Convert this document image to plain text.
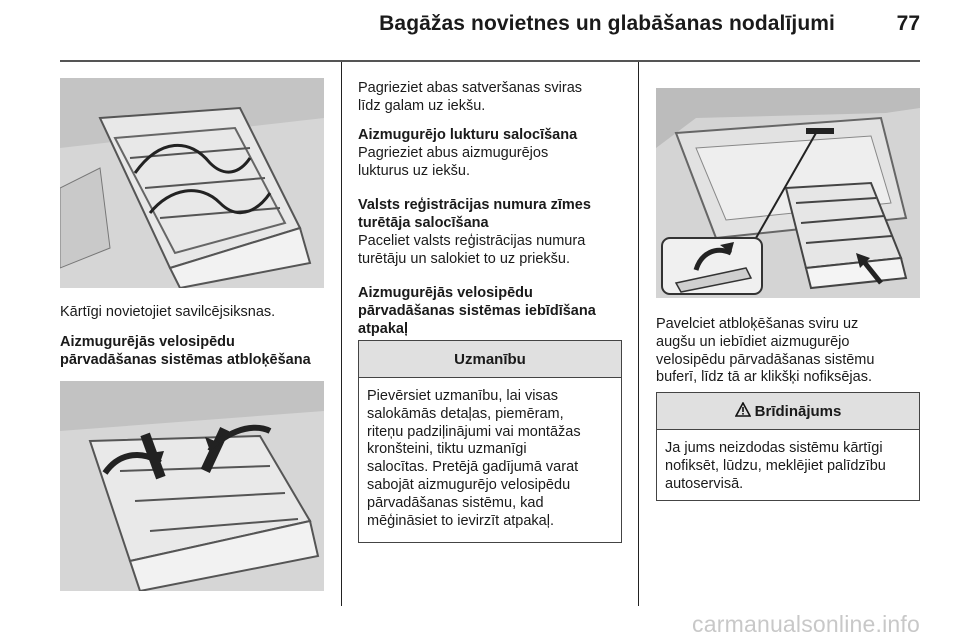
Bagāžas novietnes un glabāšanas nodalījumi	77
Kārtīgi novietojiet savilcējsiksnas.
Aizmugurējās velosipēdu
pārvadāšanas sistēmas atbloķēšana
Pagrieziet abas satveršanas sviras
līdz galam uz iekšu.
Aizmugurējo lukturu salocīšana
Pagrieziet abus aizmugurējos
lukturus uz iekšu.
Valsts reģistrācijas numura zīmes
turētāja salocīšana
Paceliet valsts reģistrācijas numura
turētāju un salokiet to uz priekšu.
Aizmugurējās velosipēdu
pārvadāšanas sistēmas iebīdīšana
atpakaļ
Uzmanību
Pievērsiet uzmanību, lai visas
salokāmās detaļas, piemēram,
riteņu padziļinājumi vai montāžas
kronšteini, tiktu uzmanīgi
salocītas. Pretējā gadījumā varat
sabojāt aizmugurējo velosipēdu
pārvadāšanas sistēmu, kad
mēģināsiet to ievirzīt atpakaļ.
Pavelciet atbloķēšanas sviru uz
augšu un iebīdiet aizmugurējo
velosipēdu pārvadāšanas sistēmu
buferī, līdz tā ar klikšķi nofiksējas.
Brīdinājums
Ja jums neizdodas sistēmu kārtīgi
nofiksēt, lūdzu, meklējiet palīdzību
autoservisā.
carmanualsonline.info
